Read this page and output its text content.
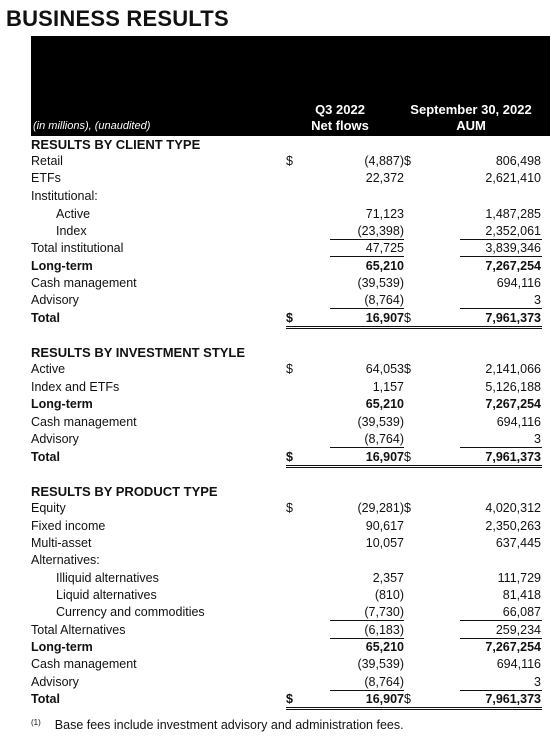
BUSINESS RESULTS
Q3 2022
Net flows
September 30, 2022
AUM
(in millions), (unaudited)
RESULTS BY CLIENT TYPE
Retail	$	(4,887) $	806,498
ETFs	22,372	2,621,410
Institutional:
Active	71,123	1,487,285
Index	(23,398)	2,352,061
Total institutional	47,725	3,839,346
Long-term	65,210	7,267,254
Cash management	(39,539)	694,116
Advisory	(8,764)	3
Total	$	16,907 $	7,961,373
RESULTS BY INVESTMENT STYLE
Active	$	64,053 $	2,141,066
Index and ETFs	1,157	5,126,188
Long-term	65,210	7,267,254
Cash management	(39,539)	694,116
Advisory	(8,764)	3
Total	$	16,907 $	7,961,373
RESULTS BY PRODUCT TYPE
Equity	$	(29,281) $	4,020,312
Fixed income	90,617	2,350,263
Multi-asset	10,057	637,445
Alternatives:
Illiquid alternatives	2,357	111,729
Liquid alternatives	(810)	81,418
Currency and commodities	(7,730)	66,087
Total Alternatives	(6,183)	259,234
Long-term	65,210	7,267,254
Cash management	(39,539)	694,116
Advisory	(8,764)	3
Total	$	16,907 $	7,961,373
$^{(1)}$ Base fees include investment advisory and administration fees.
